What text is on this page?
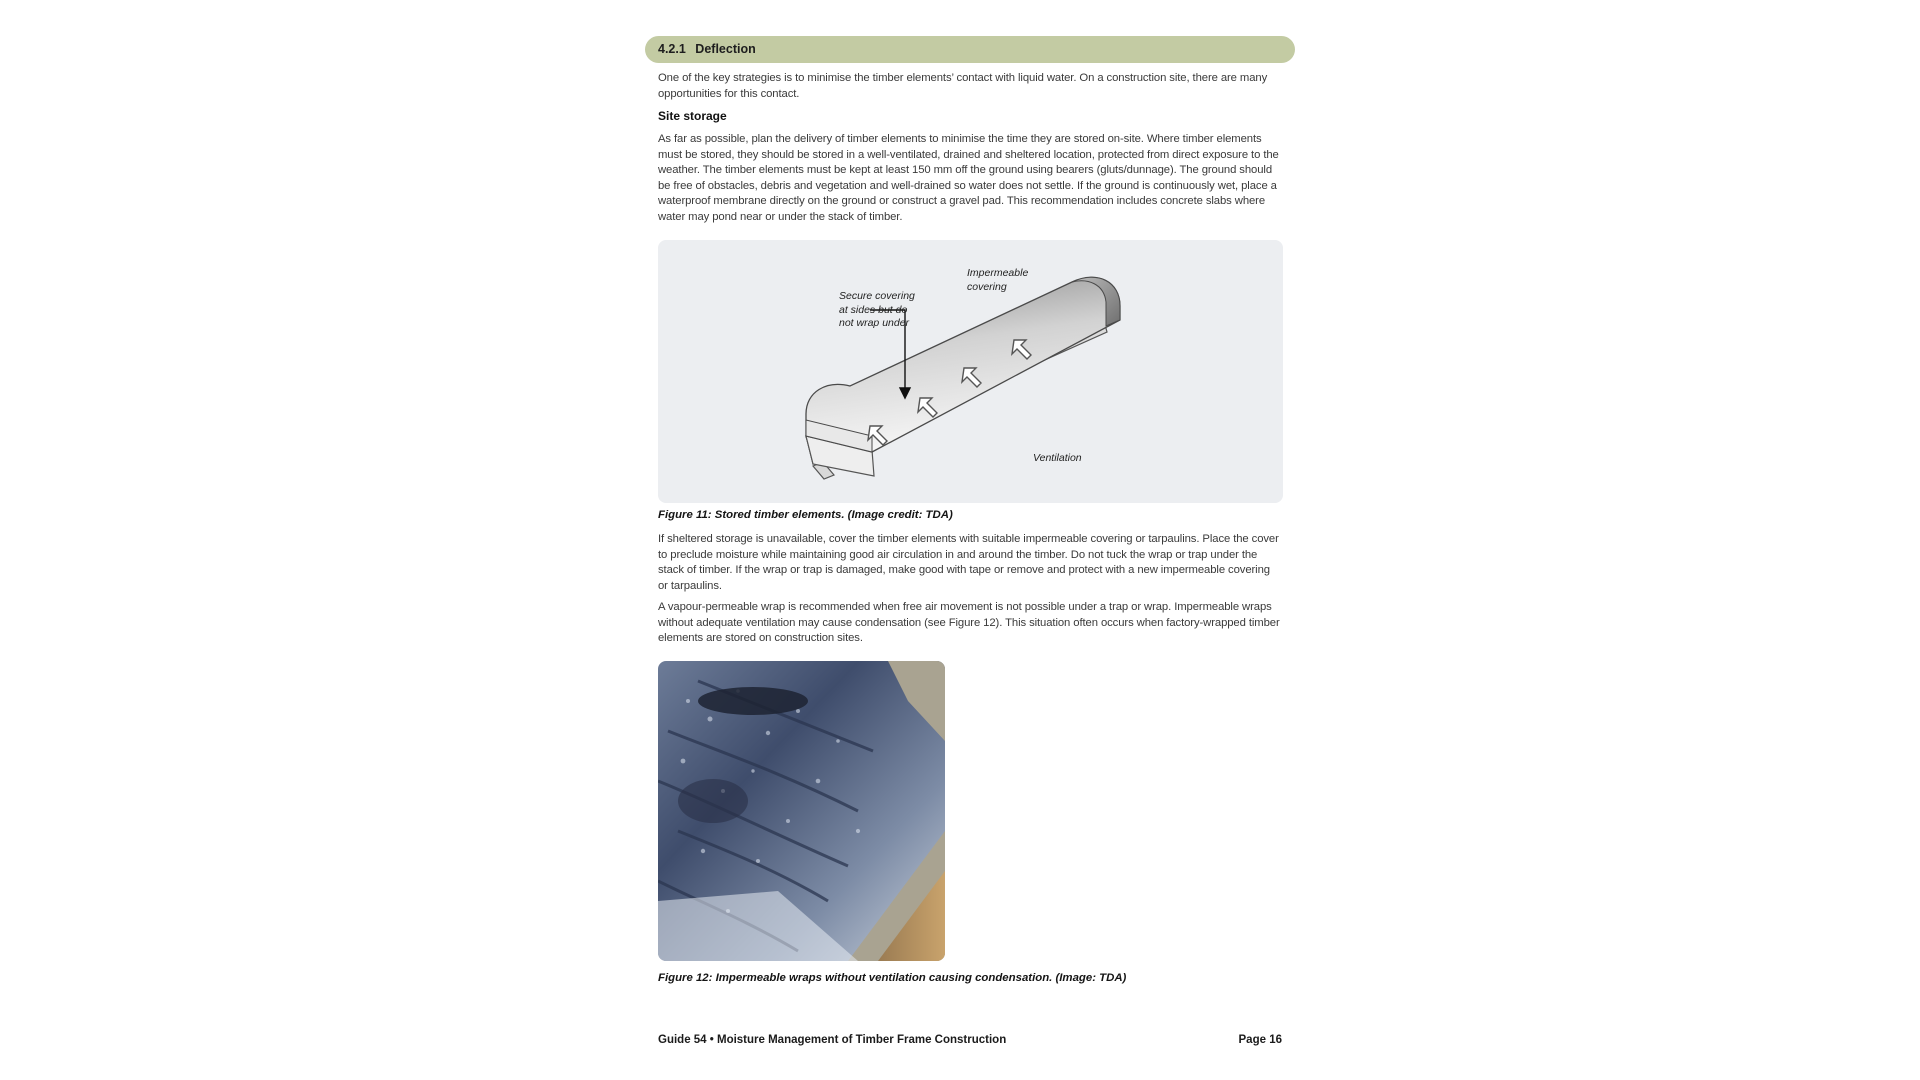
4.2.1 Deflection

One of the key strategies is to minimise the timber elements’ contact with liquid water. On a construction site, there are many opportunities for this contact.

Site storage

As far as possible, plan the delivery of timber elements to minimise the time they are stored on-site. Where timber elements must be stored, they should be stored in a well-ventilated, drained and sheltered location, protected from direct exposure to the weather. The timber elements must be kept at least 150 mm off the ground using bearers (gluts/dunnage). The ground should be free of obstacles, debris and vegetation and well-drained so water does not settle. If the ground is continuously wet, place a waterproof membrane directly on the ground or construct a gravel pad. This recommendation includes concrete slabs where water may pond near or under the stack of timber.

Impermeable
covering
Secure covering
at sides but do
not wrap under
Ventilation

Figure 11: Stored timber elements. (Image credit: TDA)

If sheltered storage is unavailable, cover the timber elements with suitable impermeable covering or tarpaulins. Place the cover to preclude moisture while maintaining good air circulation in and around the timber. Do not tuck the wrap or trap under the stack of timber. If the wrap or trap is damaged, make good with tape or remove and protect with a new impermeable covering or tarpaulins.

A vapour-permeable wrap is recommended when free air movement is not possible under a trap or wrap. Impermeable wraps without adequate ventilation may cause condensation (see Figure 12). This situation often occurs when factory-wrapped timber elements are stored on construction sites.

Figure 12: Impermeable wraps without ventilation causing condensation. (Image: TDA)

Guide 54 • Moisture Management of Timber Frame Construction	Page 16
